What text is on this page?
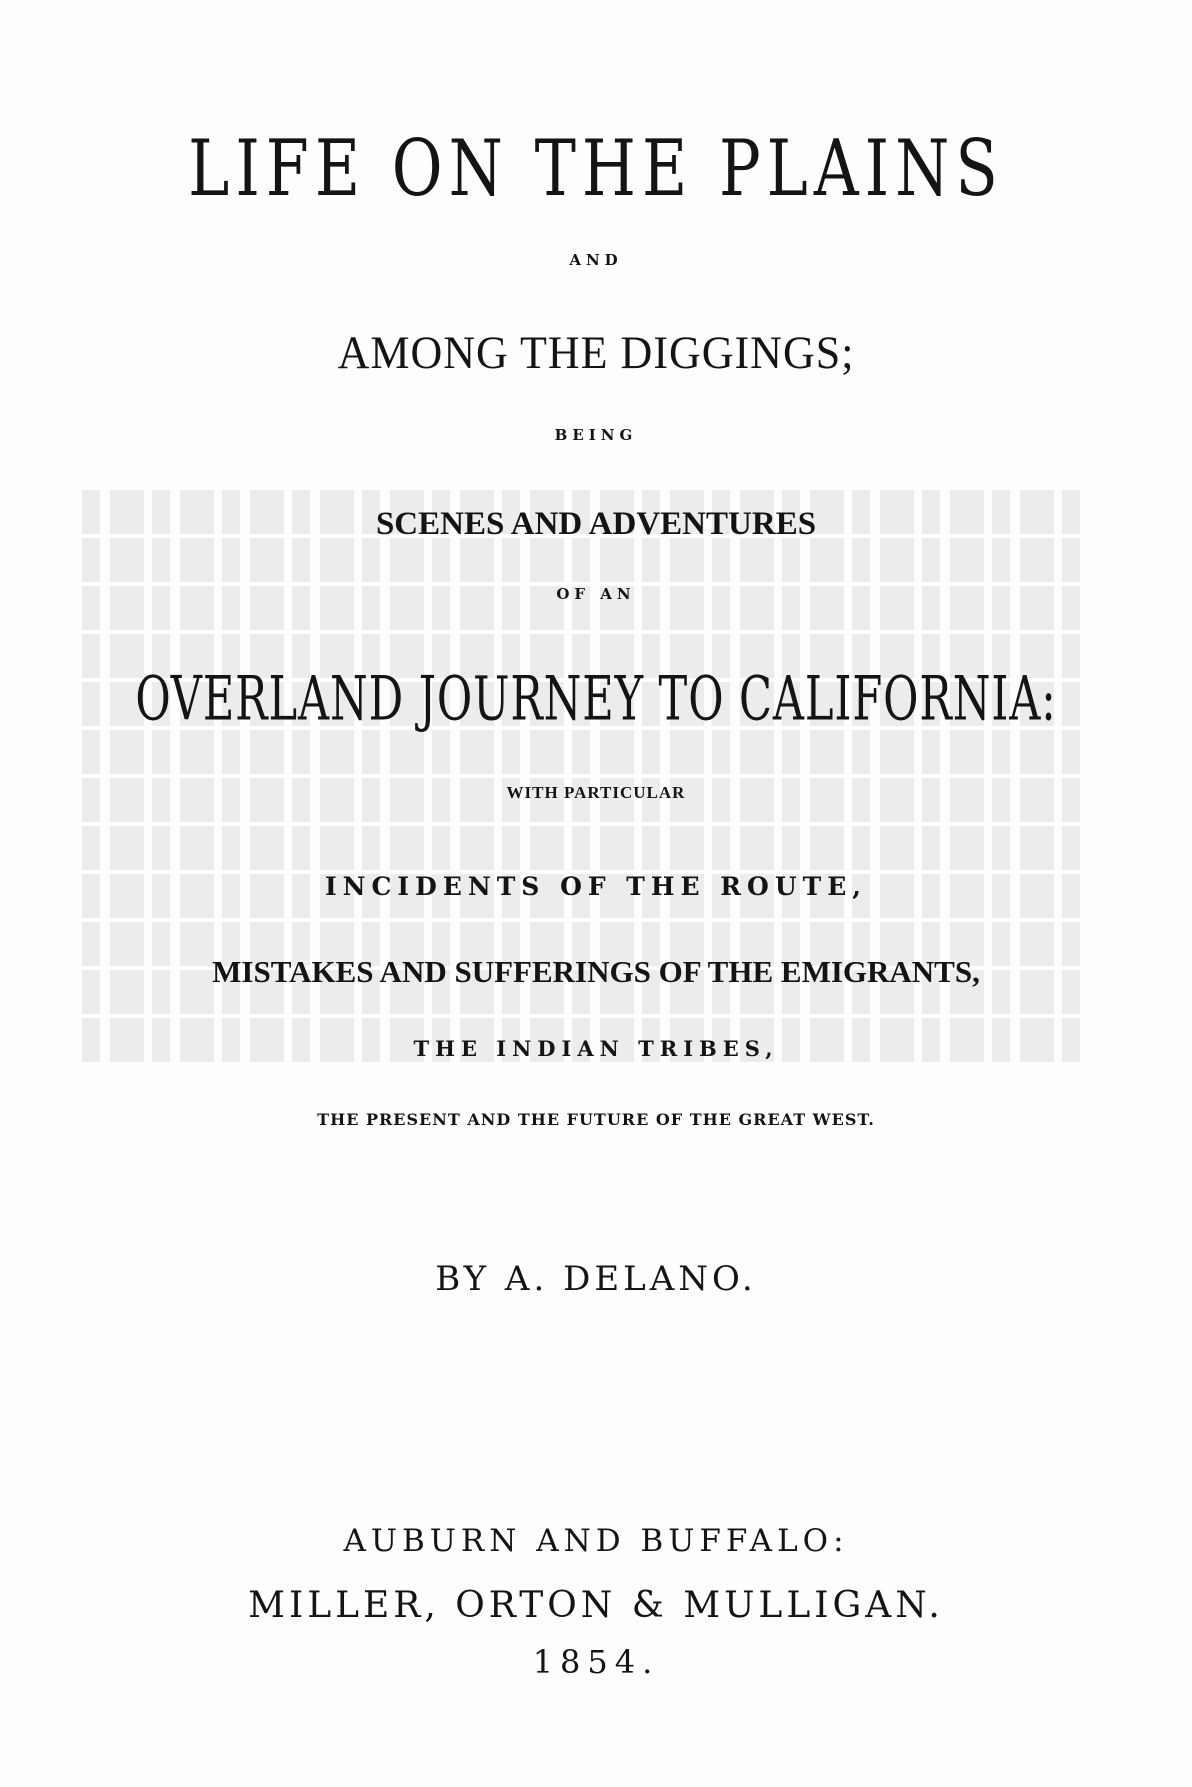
LIFE ON THE PLAINS
AND
AMONG THE DIGGINGS;
BEING
SCENES AND ADVENTURES
OF AN
OVERLAND JOURNEY TO CALIFORNIA:
WITH PARTICULAR
INCIDENTS OF THE ROUTE,
MISTAKES AND SUFFERINGS OF THE EMIGRANTS,
THE INDIAN TRIBES,
THE PRESENT AND THE FUTURE OF THE GREAT WEST.
BY A. DELANO.
AUBURN AND BUFFALO:
MILLER, ORTON & MULLIGAN.
1854.
